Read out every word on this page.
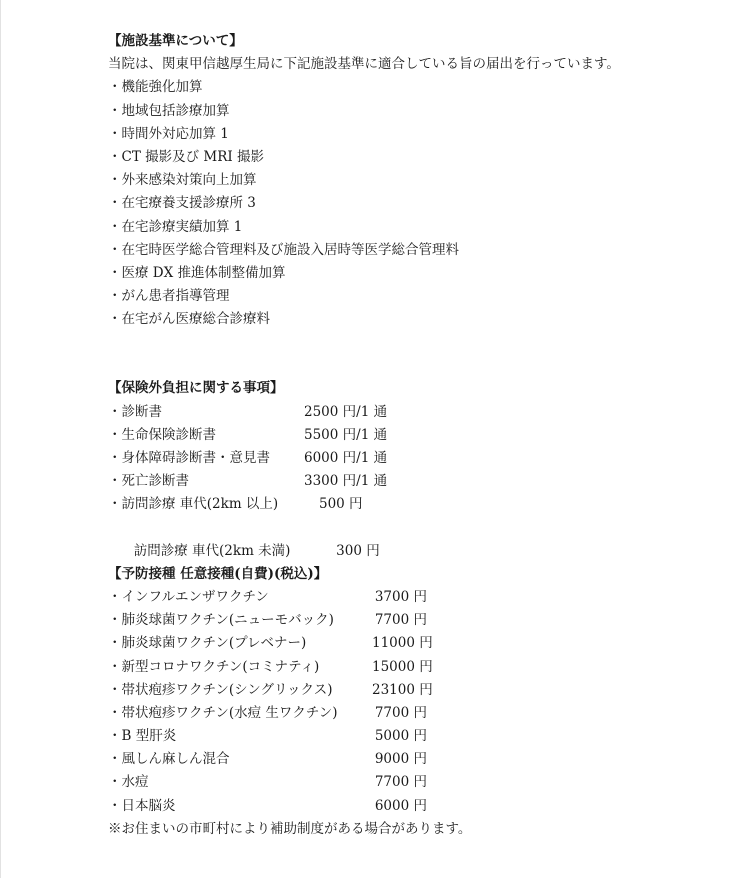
【施設基準について】
当院は、関東甲信越厚生局に下記施設基準に適合している旨の届出を行っています。
・機能強化加算
・地域包括診療加算
・時間外対応加算 1
・CT 撮影及び MRI 撮影
・外来感染対策向上加算
・在宅療養支援診療所 3
・在宅診療実績加算 1
・在宅時医学総合管理料及び施設入居時等医学総合管理料
・医療 DX 推進体制整備加算
・がん患者指導管理
・在宅がん医療総合診療料
【保険外負担に関する事項】
・診断書	2500 円/1 通
・生命保険診断書	5500 円/1 通
・身体障碍診断書・意見書	6000 円/1 通
・死亡診断書	3300 円/1 通
・訪問診療 車代(2km 以上)	500 円

訪問診療 車代(2km 未満)	300 円

【予防接種 任意接種(自費)(税込)】
・インフルエンザワクチン	3700 円
・肺炎球菌ワクチン(ニューモバック)	7700 円
・肺炎球菌ワクチン(プレベナー)	11000 円
・新型コロナワクチン(コミナティ)	15000 円
・帯状疱疹ワクチン(シングリックス)	23100 円
・帯状疱疹ワクチン(水痘 生ワクチン)	7700 円
・B 型肝炎	5000 円
・風しん麻しん混合	9000 円
・水痘	7700 円
・日本脳炎	6000 円
※お住まいの市町村により補助制度がある場合があります。
